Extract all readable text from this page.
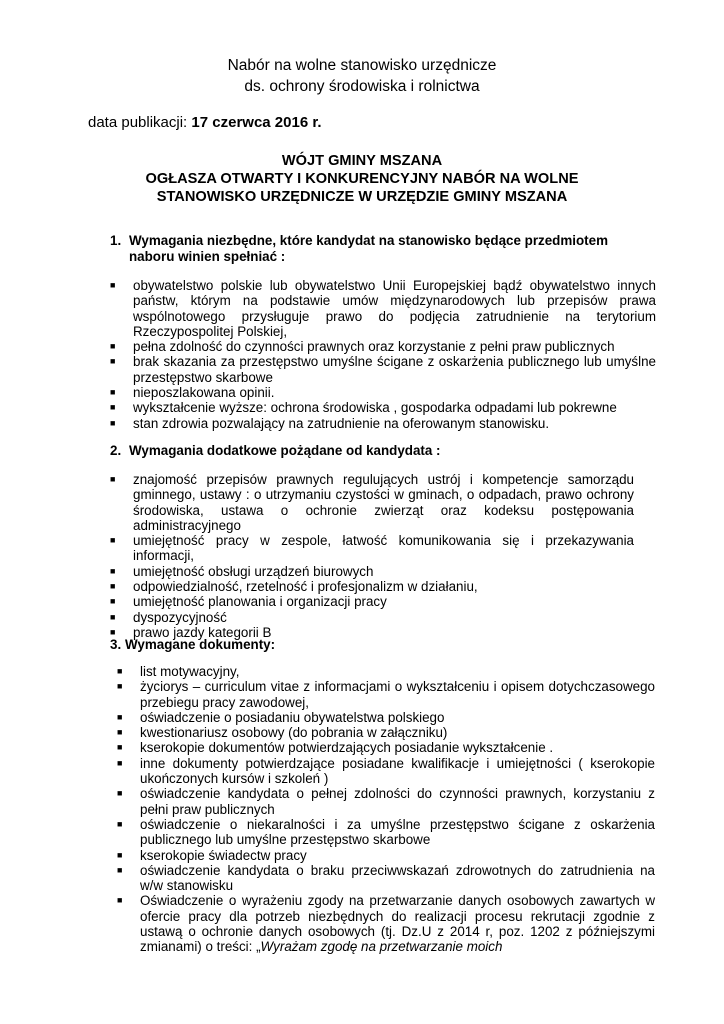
Nabór na wolne stanowisko urzędnicze
ds. ochrony środowiska i rolnictwa
data publikacji: 17 czerwca 2016 r.
WÓJT GMINY MSZANA
OGŁASZA OTWARTY I KONKURENCYJNY NABÓR NA WOLNE
STANOWISKO URZĘDNICZE W URZĘDZIE GMINY MSZANA
1. Wymagania niezbędne, które kandydat na stanowisko będące przedmiotem naboru winien spełniać :
■ obywatelstwo polskie lub obywatelstwo Unii Europejskiej bądź obywatelstwo innych państw, którym na podstawie umów międzynarodowych lub przepisów prawa wspólnotowego przysługuje prawo do podjęcia zatrudnienie na terytorium Rzeczypospolitej Polskiej,
■ pełna zdolność do czynności prawnych oraz korzystanie z pełni praw publicznych
■ brak skazania za przestępstwo umyślne ścigane z oskarżenia publicznego lub umyślne przestępstwo skarbowe
■ nieposzlakowana opinii.
■ wykształcenie wyższe: ochrona środowiska , gospodarka odpadami lub pokrewne
■ stan zdrowia pozwalający na zatrudnienie na oferowanym stanowisku.
2. Wymagania dodatkowe pożądane od kandydata :
■ znajomość przepisów prawnych regulujących ustrój i kompetencje samorządu gminnego, ustawy : o utrzymaniu czystości w gminach, o odpadach, prawo ochrony środowiska, ustawa o ochronie zwierząt oraz kodeksu postępowania administracyjnego
■ umiejętność pracy w zespole, łatwość komunikowania się i przekazywania informacji,
■ umiejętność obsługi urządzeń biurowych
■ odpowiedzialność, rzetelność i profesjonalizm w działaniu,
■ umiejętność planowania i organizacji pracy
■ dyspozycyjność
■ prawo jazdy kategorii B
3. Wymagane dokumenty:
■ list motywacyjny,
■ życiorys – curriculum vitae z informacjami o wykształceniu i opisem dotychczasowego przebiegu pracy zawodowej,
■ oświadczenie o posiadaniu obywatelstwa polskiego
■ kwestionariusz osobowy (do pobrania w załączniku)
■ kserokopie dokumentów potwierdzających posiadanie wykształcenie .
■ inne dokumenty potwierdzające posiadane kwalifikacje i umiejętności ( kserokopie ukończonych kursów i szkoleń )
■ oświadczenie kandydata o pełnej zdolności do czynności prawnych, korzystaniu z pełni praw publicznych
■ oświadczenie o niekaralności i za umyślne przestępstwo ścigane z oskarżenia publicznego lub umyślne przestępstwo skarbowe
■ kserokopie świadectw pracy
■ oświadczenie kandydata o braku przeciwwskazań zdrowotnych do zatrudnienia na w/w stanowisku
■ Oświadczenie o wyrażeniu zgody na przetwarzanie danych osobowych zawartych w ofercie pracy dla potrzeb niezbędnych do realizacji procesu rekrutacji zgodnie z ustawą o ochronie danych osobowych (tj. Dz.U z 2014 r, poz. 1202 z późniejszymi zmianami) o treści: „Wyrażam zgodę na przetwarzanie moich
